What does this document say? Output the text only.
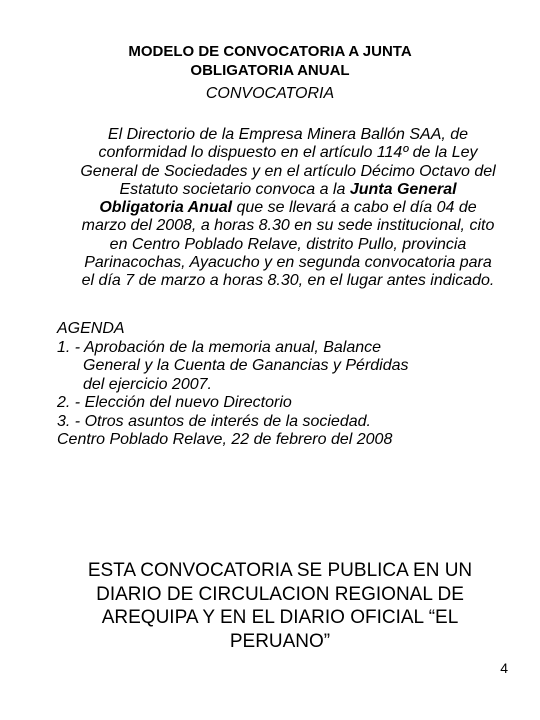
MODELO DE CONVOCATORIA A JUNTA
OBLIGATORIA ANUAL
CONVOCATORIA

El Directorio de la Empresa Minera Ballón SAA, de conformidad lo dispuesto en el artículo 114º de la Ley General de Sociedades y en el artículo Décimo Octavo del Estatuto societario convoca a la Junta General Obligatoria Anual que se llevará a cabo el día 04 de marzo del 2008, a horas 8.30 en su sede institucional, cito en Centro Poblado Relave, distrito Pullo, provincia Parinacochas, Ayacucho y en segunda convocatoria para el día 7 de marzo a horas 8.30, en el lugar antes indicado.

AGENDA
1. - Aprobación de la memoria anual, Balance
General y la Cuenta de Ganancias y Pérdidas
del ejercicio 2007.
2. - Elección del nuevo Directorio
3. - Otros asuntos de interés de la sociedad.
Centro Poblado Relave, 22 de febrero del 2008
ESTA CONVOCATORIA SE PUBLICA EN UN
DIARIO DE CIRCULACION REGIONAL DE
AREQUIPA Y EN EL DIARIO OFICIAL “EL
PERUANO”
4
